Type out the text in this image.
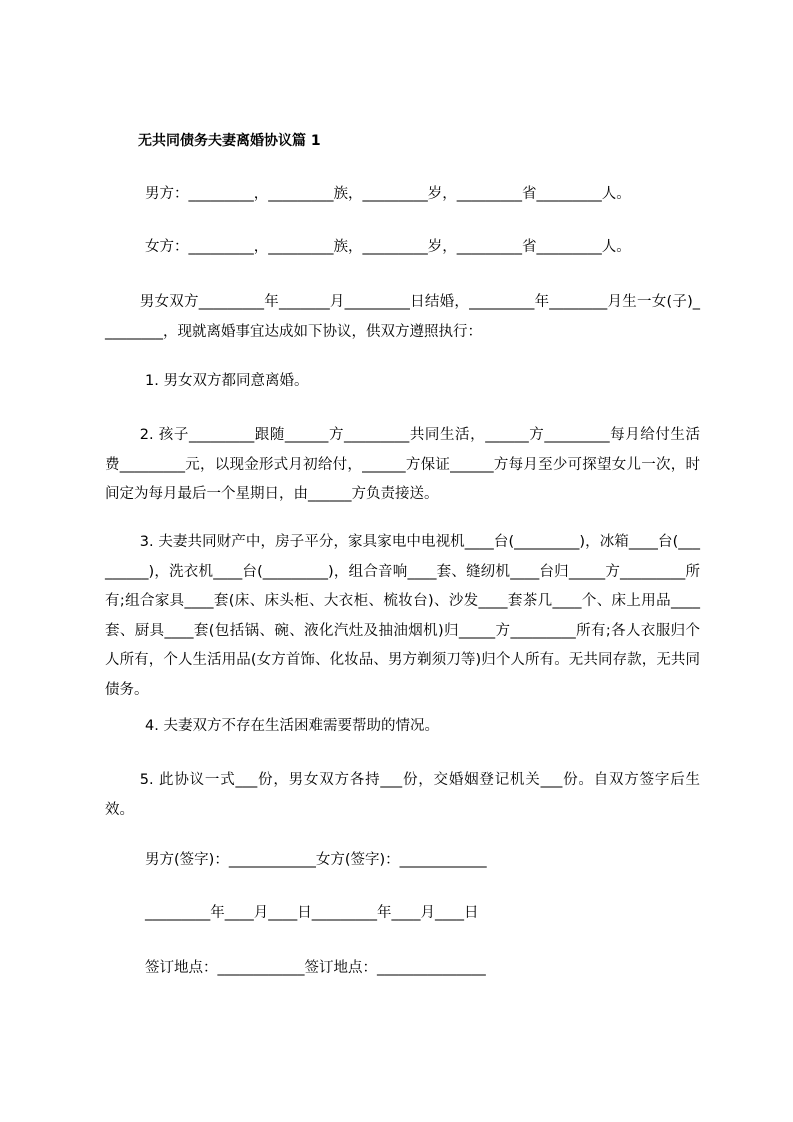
无共同债务夫妻离婚协议篇 1
男方：_________，_________族，_________岁，_________省_________人。
女方：_________，_________族，_________岁，_________省_________人。
男女双方_________年_______月_________日结婚，_________年________月生一女(子)_________，现就离婚事宜达成如下协议，供双方遵照执行：
1. 男女双方都同意离婚。
2. 孩子_________跟随______方_________共同生活，______方_________每月给付生活费_________元，以现金形式月初给付，______方保证______方每月至少可探望女儿一次，时间定为每月最后一个星期日，由______方负责接送。
3. 夫妻共同财产中，房子平分，家具家电中电视机____台(_________)，冰箱____台(_________)，洗衣机____台(_________)，组合音响____套、缝纫机____台归_____方_________所有;组合家具____套(床、床头柜、大衣柜、梳妆台)、沙发____套茶几____个、床上用品____套、厨具____套(包括锅、碗、液化汽灶及抽油烟机)归_____方_________所有;各人衣服归个人所有，个人生活用品(女方首饰、化妆品、男方剃须刀等)归个人所有。无共同存款，无共同债务。
4. 夫妻双方不存在生活困难需要帮助的情况。
5. 此协议一式___份，男女双方各持___份，交婚姻登记机关___份。自双方签字后生效。
男方(签字)：____________女方(签字)：____________
_________年____月____日_________年____月____日
签订地点：____________签订地点：_______________
